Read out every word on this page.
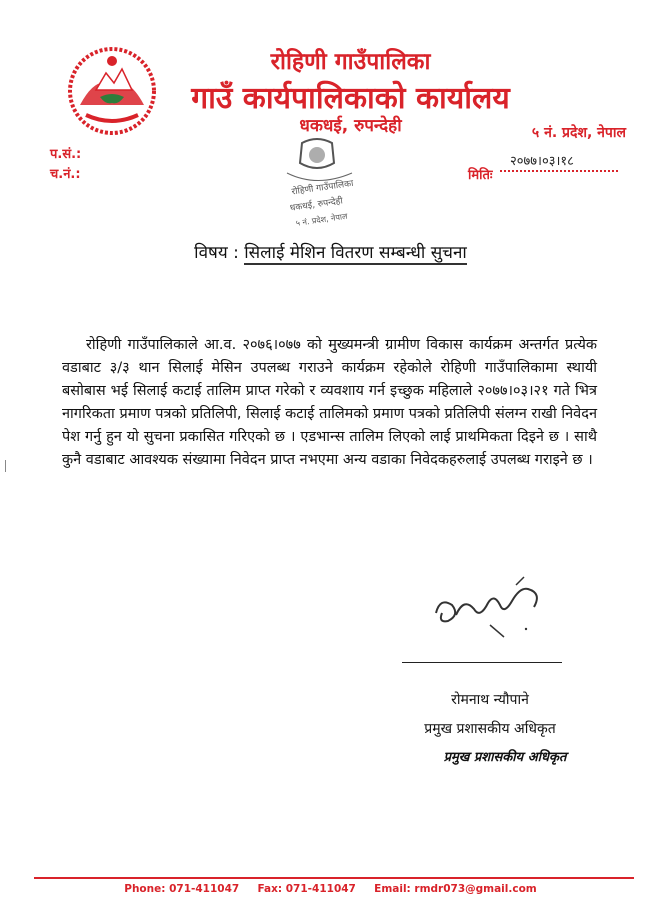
रोहिणी गाउँपालिका
गाउँ कार्यपालिकाको कार्यालय
धकधई, रुपन्देही	५ नं. प्रदेश, नेपाल
प.सं.:
च.नं.:
२०७७।०३।१८
मितिः
रोहिणी गाउँपालिका
धकधई, रुपन्देही
५ नं. प्रदेश, नेपाल
विषय : सिलाई मेशिन वितरण सम्बन्धी सुचना
रोहिणी गाउँपालिकाले आ.व. २०७६।०७७ को मुख्यमन्त्री ग्रामीण विकास कार्यक्रम अन्तर्गत प्रत्येक वडाबाट ३/३ थान सिलाई मेसिन उपलब्ध गराउने कार्यक्रम रहेकोले रोहिणी गाउँपालिकामा स्थायी बसोबास भई सिलाई कटाई तालिम प्राप्त गरेको र व्यवशाय गर्न इच्छुक महिलाले २०७७।०३।२१ गते भित्र नागरिकता प्रमाण पत्रको प्रतिलिपी, सिलाई कटाई तालिमको प्रमाण पत्रको प्रतिलिपी संलग्न राखी निवेदन पेश गर्नु हुन यो सुचना प्रकासित गरिएको छ । एडभान्स तालिम लिएको लाई प्राथमिकता दिइने छ । साथै कुनै वडाबाट आवश्यक संख्यामा निवेदन प्राप्त नभएमा अन्य वडाका निवेदकहरुलाई उपलब्ध गराइने छ ।
रोमनाथ न्यौपाने
प्रमुख प्रशासकीय अधिकृत
प्रमुख प्रशासकीय अधिकृत
Phone: 071-411047 Fax: 071-411047 Email: rmdr073@gmail.com
